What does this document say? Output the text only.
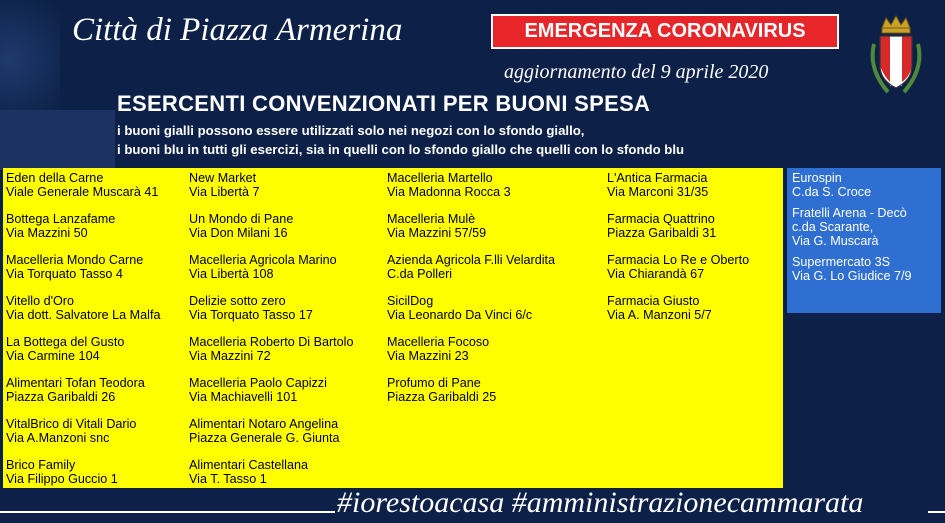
Città di Piazza Armerina	EMERGENZA CORONAVIRUS
aggiornamento del 9 aprile 2020
ESERCENTI CONVENZIONATI PER BUONI SPESA
i buoni gialli possono essere utilizzati solo nei negozi con lo sfondo giallo,
i buoni blu in tutti gli esercizi, sia in quelli con lo sfondo giallo che quelli con lo sfondo blu
Eden della Carne
Viale Generale Muscarà 41
Bottega Lanzafame
Via Mazzini 50
Macelleria Mondo Carne
Via Torquato Tasso 4
Vitello d'Oro
Via dott. Salvatore La Malfa
La Bottega del Gusto
Via Carmine 104
Alimentari Tofan Teodora
Piazza Garibaldi 26
VitalBrico di Vitali Dario
Via A.Manzoni snc
Brico Family
Via Filippo Guccio 1
New Market
Via Libertà 7
Un Mondo di Pane
Via Don Milani 16
Macelleria Agricola Marino
Via Libertà 108
Delizie sotto zero
Via Torquato Tasso 17
Macelleria Roberto Di Bartolo
Via Mazzini 72
Macelleria Paolo Capizzi
Via Machiavelli 101
Alimentari Notaro Angelina
Piazza Generale G. Giunta
Alimentari Castellana
Via T. Tasso 1
Macelleria Martello
Via Madonna Rocca 3
Macelleria Mulè
Via Mazzini 57/59
Azienda Agricola F.lli Velardita
C.da Polleri
SicilDog
Via Leonardo Da Vinci 6/c
Macelleria Focoso
Via Mazzini 23
Profumo di Pane
Piazza Garibaldi 25
L'Antica Farmacia
Via Marconi 31/35
Farmacia Quattrino
Piazza Garibaldi 31
Farmacia Lo Re e Oberto
Via Chiarandà 67
Farmacia Giusto
Via A. Manzoni 5/7
Eurospin
C.da S. Croce
Fratelli Arena - Decò
c.da Scarante,
Via G. Muscarà
Supermercato 3S
Via G. Lo Giudice 7/9
#iorestoacasa #amministrazionecammarata
